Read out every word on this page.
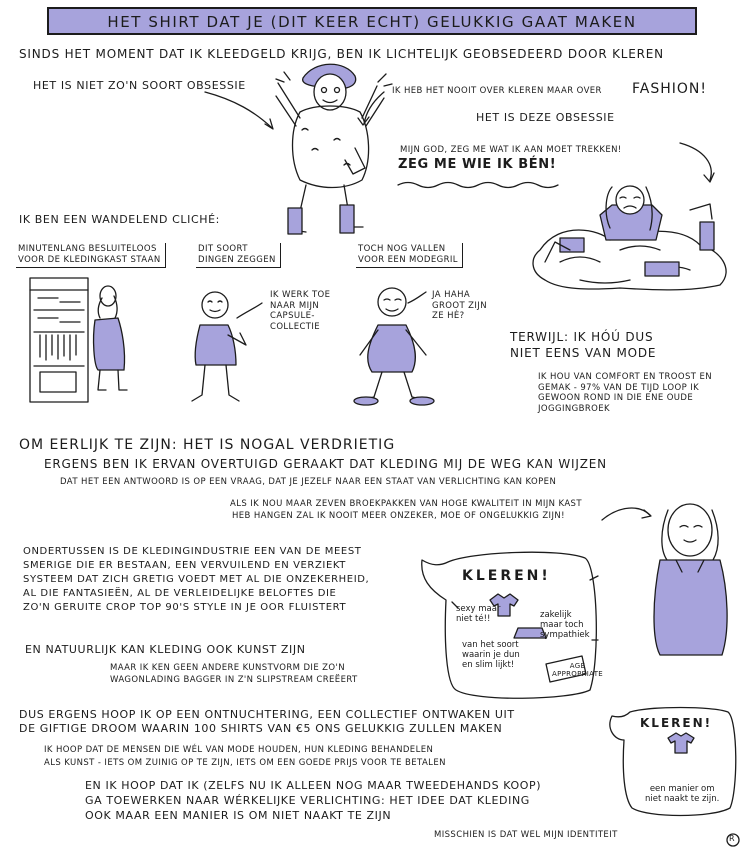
HET SHIRT DAT JE (DIT KEER ECHT) GELUKKIG GAAT MAKEN

SINDS HET MOMENT DAT IK KLEEDGELD KRIJG, BEN IK LICHTELIJK GEOBSEDEERD DOOR KLEREN

HET IS NIET ZO'N SOORT OBSESSIE	IK HEB HET NOOIT OVER KLEREN MAAR OVER FASHION!

HET IS DEZE OBSESSIE

MIJN GOD, ZEG ME WAT IK AAN MOET TREKKEN!

ZEG ME WIE IK BÉN!

IK BEN EEN WANDELEND CLICHÉ:

MINUTENLANG BESLUITELOOS
VOOR DE KLEDINGKAST STAAN
DIT SOORT
DINGEN ZEGGEN
TOCH NOG VALLEN
VOOR EEN MODEGRIL
IK WERK TOE
NAAR MIJN
CAPSULE-
COLLECTIE
JA HAHA
GROOT ZIJN
ZE HÈ?

TERWIJL: IK HÓÚ DUS

NIET EENS VAN MODE

IK HOU VAN COMFORT EN TROOST EN
GEMAK - 97% VAN DE TIJD LOOP IK
GEWOON ROND IN DIE ENE OUDE
JOGGINGBROEK

OM EERLIJK TE ZIJN: HET IS NOGAL VERDRIETIG

ERGENS BEN IK ERVAN OVERTUIGD GERAAKT DAT KLEDING MIJ DE WEG KAN WIJZEN

DAT HET EEN ANTWOORD IS OP EEN VRAAG, DAT JE JEZELF NAAR EEN STAAT VAN VERLICHTING KAN KOPEN

ALS IK NOU MAAR ZEVEN BROEKPAKKEN VAN HOGE KWALITEIT IN MIJN KAST

HEB HANGEN ZAL IK NOOIT MEER ONZEKER, MOE OF ONGELUKKIG ZIJN!

ONDERTUSSEN IS DE KLEDINGINDUSTRIE EEN VAN DE MEEST
SMERIGE DIE ER BESTAAN, EEN VERVUILEND EN VERZIEKT
SYSTEEM DAT ZICH GRETIG VOEDT MET AL DIE ONZEKERHEID,
AL DIE FANTASIEËN, AL DE VERLEIDELIJKE BELOFTES DIE
ZO'N GERUITE CROP TOP 90'S STYLE IN JE OOR FLUISTERT

KLEREN!

sexy maar
niet té!!	zakelijk
maar toch
sympathiek
van het soort
waarin je dun
en slim lijkt!	AGE
APPROPRIATE

EN NATUURLIJK KAN KLEDING OOK KUNST ZIJN

MAAR IK KEN GEEN ANDERE KUNSTVORM DIE ZO'N

WAGONLADING BAGGER IN Z'N SLIPSTREAM CREËERT

DUS ERGENS HOOP IK OP EEN ONTNUCHTERING, EEN COLLECTIEF ONTWAKEN UIT

DE GIFTIGE DROOM WAARIN 100 SHIRTS VAN €5 ONS GELUKKIG ZULLEN MAKEN

IK HOOP DAT DE MENSEN DIE WÉL VAN MODE HOUDEN, HUN KLEDING BEHANDELEN

ALS KUNST - IETS OM ZUINIG OP TE ZIJN, IETS OM EEN GOEDE PRIJS VOOR TE BETALEN

EN IK HOOP DAT IK (ZELFS NU IK ALLEEN NOG MAAR TWEEDEHANDS KOOP)

GA TOEWERKEN NAAR WÉRKELIJKE VERLICHTING: HET IDEE DAT KLEDING

OOK MAAR EEN MANIER IS OM NIET NAAKT TE ZIJN

MISSCHIEN IS DAT WEL MIJN IDENTITEIT

KLEREN!

een manier om
niet naakt te zijn.

R
